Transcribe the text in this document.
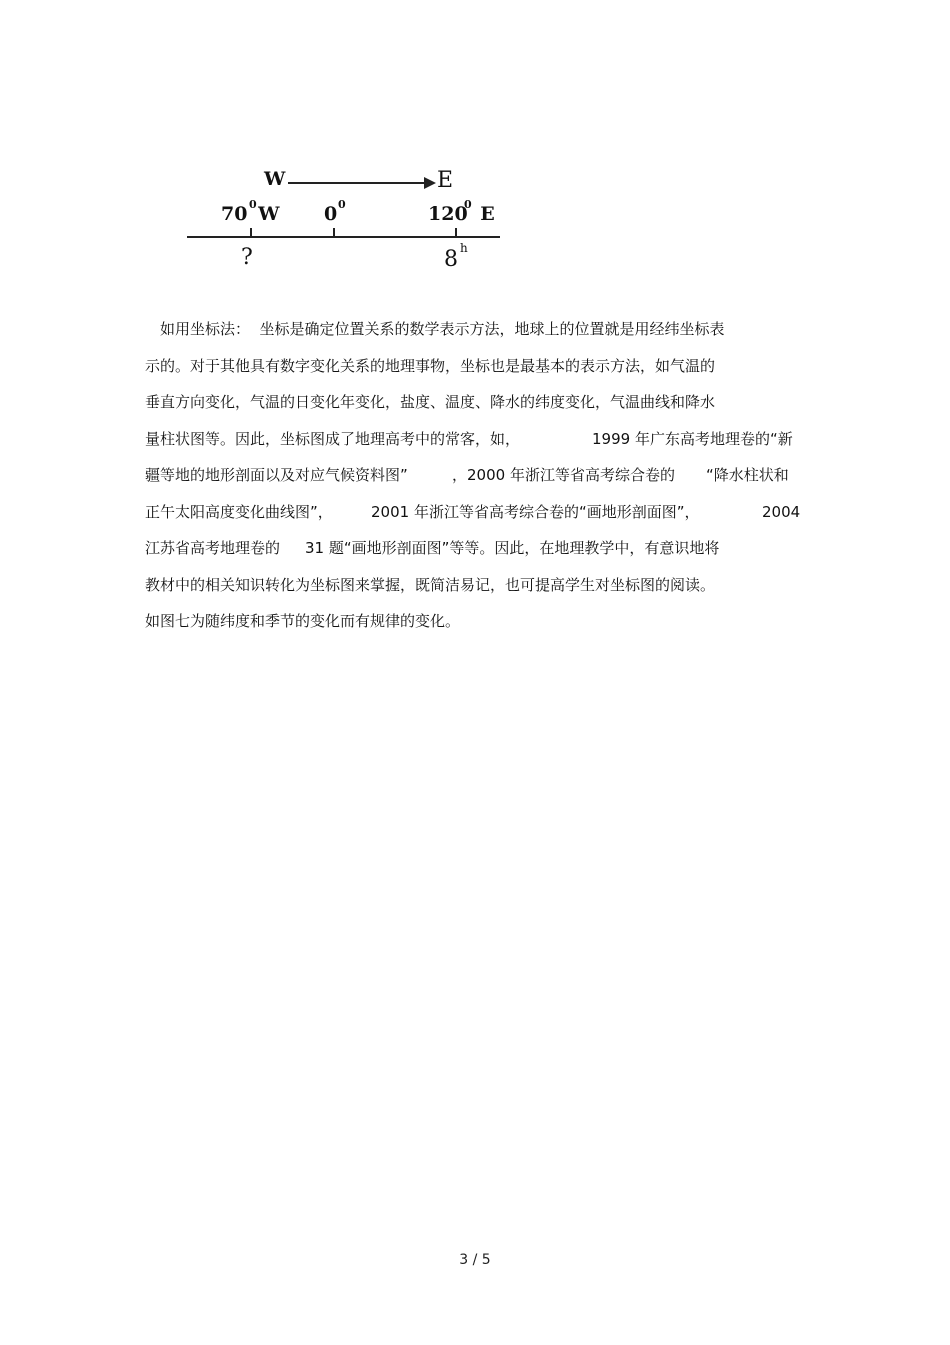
W	E
70 0 W 0 0	120
0 E
?	8 h
如用坐标法：  坐标是确定位置关系的数学表示方法，地球上的位置就是用经纬坐标表
示的。对于其他具有数字变化关系的地理事物，坐标也是最基本的表示方法，如气温的
垂直方向变化，气温的日变化年变化，盐度、温度、降水的纬度变化，气温曲线和降水
量柱状图等。因此，坐标图成了地理高考中的常客，如，	1999 年广东高考地理卷的“新
疆等地的地形剖面以及对应气候资料图”	，2000 年浙江等省高考综合卷的 “降水柱状和
正午太阳高度变化曲线图”，	2001 年浙江等省高考综合卷的“画地形剖面图”，	2004
江苏省高考地理卷的 31 题“画地形剖面图”等等。因此，在地理教学中，有意识地将
教材中的相关知识转化为坐标图来掌握，既简洁易记，也可提高学生对坐标图的阅读。
如图七为随纬度和季节的变化而有规律的变化。
3 / 5
